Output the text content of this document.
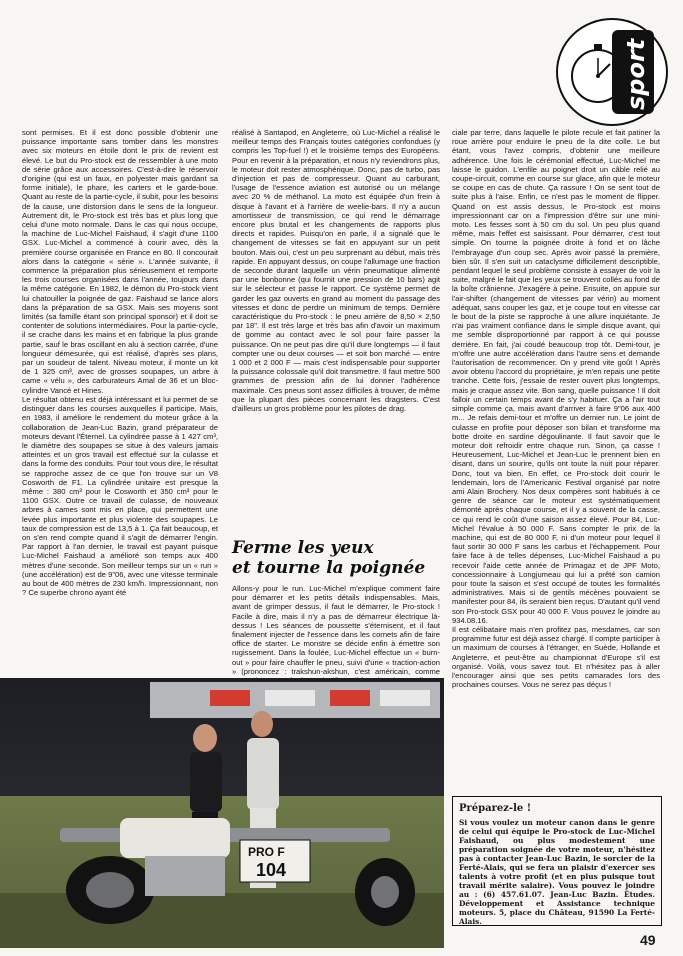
sport

sont permises. Et il est donc possible d'obtenir une puissance importante sans tomber dans les monstres avec six moteurs en étoile dont le prix de revient est élevé. Le but du Pro-stock est de ressembler à une moto de série grâce aux accessoires. C'est-à-dire le réservoir d'origine (qui est un faux, en polyester mais gardant sa forme initiale), le phare, les carters et le garde-boue. Quant au reste de la partie-cycle, il subit, pour les besoins de la cause, une distorsion dans le sens de la longueur. Autrement dit, le Pro-stock est très bas et plus long que celui d'une moto normale. Dans le cas qui nous occupe, la machine de Luc-Michel Faishaud, il s'agit d'une 1100 GSX. Luc-Michel a commencé à courir avec, dès la première course organisée en France en 80. Il concourait alors dans la catégorie « série ». L'année suivante, il commence la préparation plus sérieusement et remporte les trois courses organisées dans l'année, toujours dans la même catégorie. En 1982, le démon du Pro-stock vient lui chatouiller la poignée de gaz. Faishaud se lance alors dans la préparation de sa GSX. Mais ses moyens sont limités (sa famille étant son principal sponsor) et il doit se contenter de solutions intermédiaires. Pour la partie-cycle, il se crache dans les mains et en fabrique la plus grande partie, sauf le bras oscillant en alu à section carrée, d'une longueur démesurée, qui est réalisé, d'après ses plans, par un soudeur de talent. Niveau moteur, il monte un kit de 1 325 cm³, avec de grosses soupapes, un arbre à came « vélu », des carburateurs Amal de 36 et un bloc-cylindre Vancé et Hines.

Le résultat obtenu est déjà intéressant et lui permet de se distinguer dans les courses auxquelles il participe. Mais, en 1983, il améliore le rendement du moteur grâce à la collaboration de Jean-Luc Bazin, grand préparateur de moteurs devant l'Éternel. La cylindrée passe à 1 427 cm³, le diamètre des soupapes se situe à des valeurs jamais atteintes et un gros travail est effectué sur la culasse et dans la forme des conduits. Pour tout vous dire, le résultat se rapproche assez de ce que l'on trouve sur un V8 Cosworth de F1. La cylindrée unitaire est presque la même : 380 cm³ pour le Cosworth et 350 cm³ pour le 1100 GSX. Outre ce travail de culasse, de nouveaux arbres à cames sont mis en place, qui permettent une levée plus importante et plus violente des soupapes. Le taux de compression est de 13,5 à 1. Ça fait beaucoup, et on s'en rend compte quand il s'agit de démarrer l'engin. Par rapport à l'an dernier, le travail est payant puisque Luc-Michel Faishaud a amélioré son temps aux 400 mètres d'une seconde. Son meilleur temps sur un « run » (une accélération) est de 9"06, avec une vitesse terminale au bout de 400 mètres de 230 km/h. Impressionnant, non ? Ce superbe chrono ayant été

réalisé à Santapod, en Angleterre, où Luc-Michel a réalisé le meilleur temps des Français toutes catégories confondues (y compris les Top-fuel !) et le troisième temps des Européens. Pour en revenir à la préparation, et nous n'y reviendrons plus, le moteur doit rester atmosphérique. Donc, pas de turbo, pas d'injection et pas de compresseur. Quant au carburant, l'usage de l'essence aviation est autorisé ou un mélange avec 20 % de méthanol. La moto est équipée d'un frein à disque à l'avant et à l'arrière de weelie-bars. Il n'y a aucun amortisseur de transmission, ce qui rend le démarrage encore plus brutal et les changements de rapports plus directs et rapides. Puisqu'on en parle, il a signalé que le changement de vitesses se fait en appuyant sur un petit bouton. Mais oui, c'est un peu surprenant au début, mais très rapide. En appuyant dessus, on coupe l'allumage une fraction de seconde durant laquelle un vérin pneumatique alimenté par une bonbonne (qui fournit une pression de 10 bars) agit sur le sélecteur et passe le rapport. Ce système permet de garder les gaz ouverts en grand au moment du passage des vitesses et donc de perdre un minimum de temps. Dernière caractéristique du Pro-stock : le pneu arrière de 8,50 × 2,50 par 18". Il est très large et très bas afin d'avoir un maximum de gomme au contact avec le sol pour faire passer la puissance. On ne peut pas dire qu'il dure longtemps — il faut compter une ou deux courses — et soit bon marché — entre 1 000 et 2 000 F — mais c'est indispensable pour supporter la puissance colossale qu'il doit transmettre. Il faut mettre 500 grammes de pression afin de lui donner l'adhérence maximale. Ces pneus sont assez difficiles à trouver, de même que la plupart des pièces concernant les dragsters. C'est d'ailleurs un gros problème pour les pilotes de drag.

Ferme les yeux
et tourne la poignée

Allons-y pour le run. Luc-Michel m'explique comment faire pour démarrer et les petits détails indispensables. Mais, avant de grimper dessus, il faut le démarrer, le Pro-stock ! Facile à dire, mais il n'y a pas de démarreur électrique là-dessus ! Les séances de poussette s'éternisent, et il faut finalement injecter de l'essence dans les cornets afin de faire office de starter. Le monstre se décide enfin à émettre son rugissement. Dans la foulée, Luc-Michel effectue un « burn-out » pour faire chauffer le pneu, suivi d'une « traction-action » (prononcez : trakshun-akshun, c'est américain, comme

ciale par terre, dans laquelle le pilote recule et fait patiner la roue arrière pour enduire le pneu de la dite colle. Le but étant, vous l'avez compris, d'obtenir une meilleure adhérence. Une fois le cérémonial effectué, Luc-Michel me laisse le guidon. L'enfile au poignet droit un câble relié au coupe-circuit, comme en course sur glace, afin que le moteur se coupe en cas de chute. Ça rassure ! On se sent tout de suite plus à l'aise. Enfin, ce n'est pas le moment de flipper. Quand on est assis dessus, le Pro-stock est moins impressionnant car on a l'impression d'être sur une mini-moto. Les fesses sont à 50 cm du sol. Un peu plus quand même, mais l'effet est saisissant. Pour démarrer, c'est tout simple. On tourne la poignée droite à fond et on lâche l'embrayage d'un coup sec. Après avoir passé la première, bien sûr. Il s'en suit un cataclysme difficilement descriptible, pendant lequel le seul problème consiste à essayer de voir la suite, malgré le fait que les yeux se trouvent collés au fond de la boîte crânienne. J'exagère à peine. Ensuite, on appuie sur l'air-shifter (changement de vitesses par vérin) au moment adéquat, sans couper les gaz, et je coupe tout en vitesse car le bout de la piste se rapproche à une allure inquiétante. Je n'ai pas vraiment confiance dans le simple disque avant, qui me semble disproportionné par rapport à ce qui pousse derrière. En fait, j'ai coudé beaucoup trop tôt. Demi-tour, je m'offre une autre accélération dans l'autre sens et demande l'autorisation de recommencer. On y prend vite goût ! Après avoir obtenu l'accord du propriétaire, je m'en repais une petite tranche. Cette fois, j'essaie de rester ouvert plus longtemps, mais je craque assez vite. Bon sang, quelle puissance ! Il doit falloir un certain temps avant de s'y habituer. Ça a l'air tout simple comme ça, mais avant d'arriver à faire 9"06 aux 400 m... Je refais demi-tour et m'offre un dernier run. Le joint de culasse en profite pour déposer son bilan et transforme ma botte droite en sardine dégoulinante. Il faut savoir que le moteur doit refroidir entre chaque run. Sinon, ça casse ! Heureusement, Luc-Michel et Jean-Luc le prennent bien en disant, dans un sourire, qu'ils ont toute la nuit pour réparer. Donc, tout va bien. En effet, ce Pro-stock doit courir le lendemain, lors de l'Americanic Festival organisé par notre ami Alain Brochery. Nos deux compères sont habitués à ce genre de séance car le moteur est systématiquement démonté après chaque course, et il y a souvent de la casse, ce qui rend le coût d'une saison assez élevé. Pour 84, Luc-Michel l'évalue à 50 000 F. Sans compter le prix de la machine, qui est de 80 000 F, ni d'un moteur pour lequel il faut sortir 30 000 F sans les carbus et l'échappement. Pour faire face à de telles dépenses, Luc-Michel Faishaud a pu recevoir l'aide cette année de Primagaz et de JPF Moto, concessionnaire à Longjumeau qui lui a prêté son camion pour toute la saison et s'est occupé de toutes les formalités administratives. Mais si de gentils mécènes pouvaient se manifester pour 84, ils seraient bien reçus. D'autant qu'il vend son Pro-stock GSX pour 40 000 F. Vous pouvez le joindre au 934.08.16.

Il est célibataire mais n'en profitez pas, mesdames, car son programme futur est déjà assez chargé. Il compte participer à un maximum de courses à l'étranger, en Suède, Hollande et Angleterre, et peut-être au championnat d'Europe s'il est organisé. Voilà, vous savez tout. Et n'hésitez pas à aller l'encourager ainsi que ses petits camarades lors des prochaines courses. Vous ne serez pas déçus !

PRO F
104
Préparez-le !
Si vous voulez un moteur canon dans le genre de celui qui équipe le Pro-stock de Luc-Michel Faishaud, ou plus modestement une préparation soignée de votre moteur, n'hésitez pas à contacter Jean-Luc Bazin, le sorcier de la Ferté-Alais, qui se fera un plaisir d'exercer ses talents à votre profit (et en plus puisque tout travail mérite salaire). Vous pouvez le joindre au : (6) 457.61.07. Jean-Luc Bazin. Études. Développement et Assistance technique moteurs. 5, place du Château, 91590 La Ferté-Alais.
49
